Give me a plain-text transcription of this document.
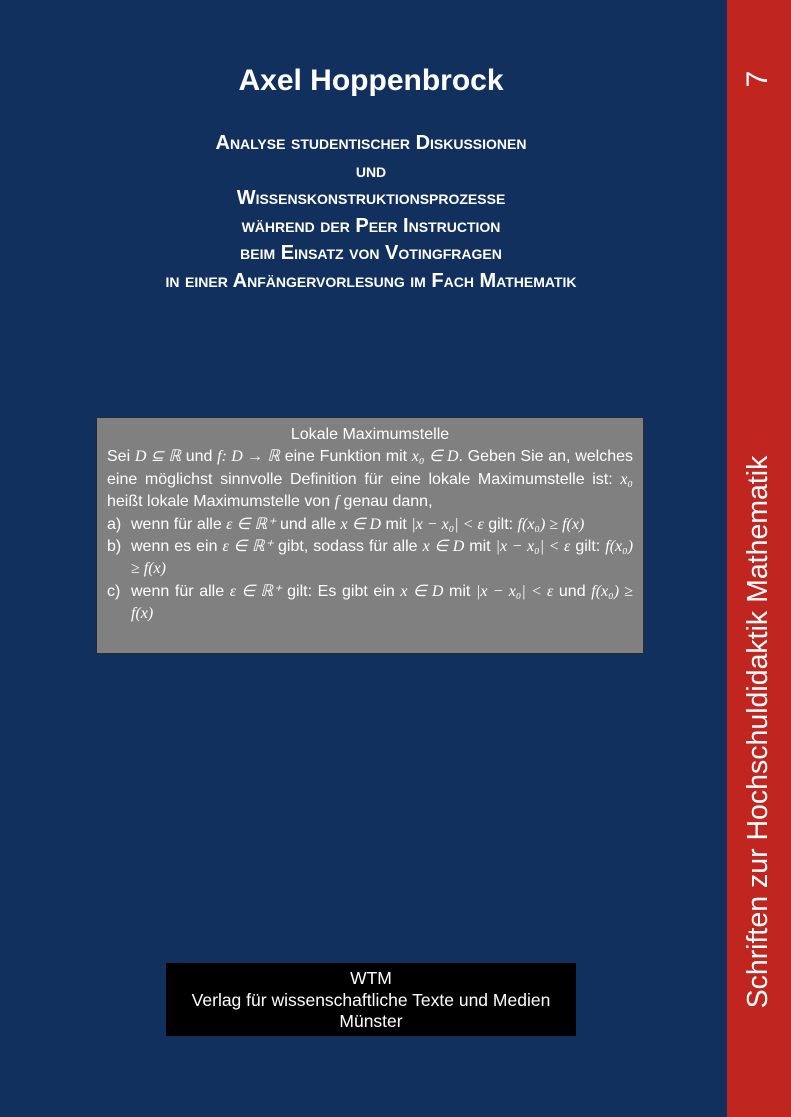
Axel Hoppenbrock
Analyse studentischer Diskussionen
und
Wissenskonstruktionsprozesse
während der Peer Instruction
beim Einsatz von Votingfragen
in einer Anfängervorlesung im Fach Mathematik
Lokale Maximumstelle
Sei D ⊆ ℝ und f: D → ℝ eine Funktion mit x₀ ∈ D. Geben Sie an, welches eine möglichst sinnvolle Definition für eine lokale Maximumstelle ist: x₀ heißt lokale Maximumstelle von f genau dann,
a) wenn für alle ε ∈ ℝ⁺ und alle x ∈ D mit |x − x₀| < ε gilt: f(x₀) ≥ f(x)
b) wenn es ein ε ∈ ℝ⁺ gibt, sodass für alle x ∈ D mit |x − x₀| < ε gilt: f(x₀) ≥ f(x)
c) wenn für alle ε ∈ ℝ⁺ gilt: Es gibt ein x ∈ D mit |x − x₀| < ε und f(x₀) ≥ f(x)
WTM
Verlag für wissenschaftliche Texte und Medien
Münster
7
Schriften zur Hochschuldidaktik Mathematik
